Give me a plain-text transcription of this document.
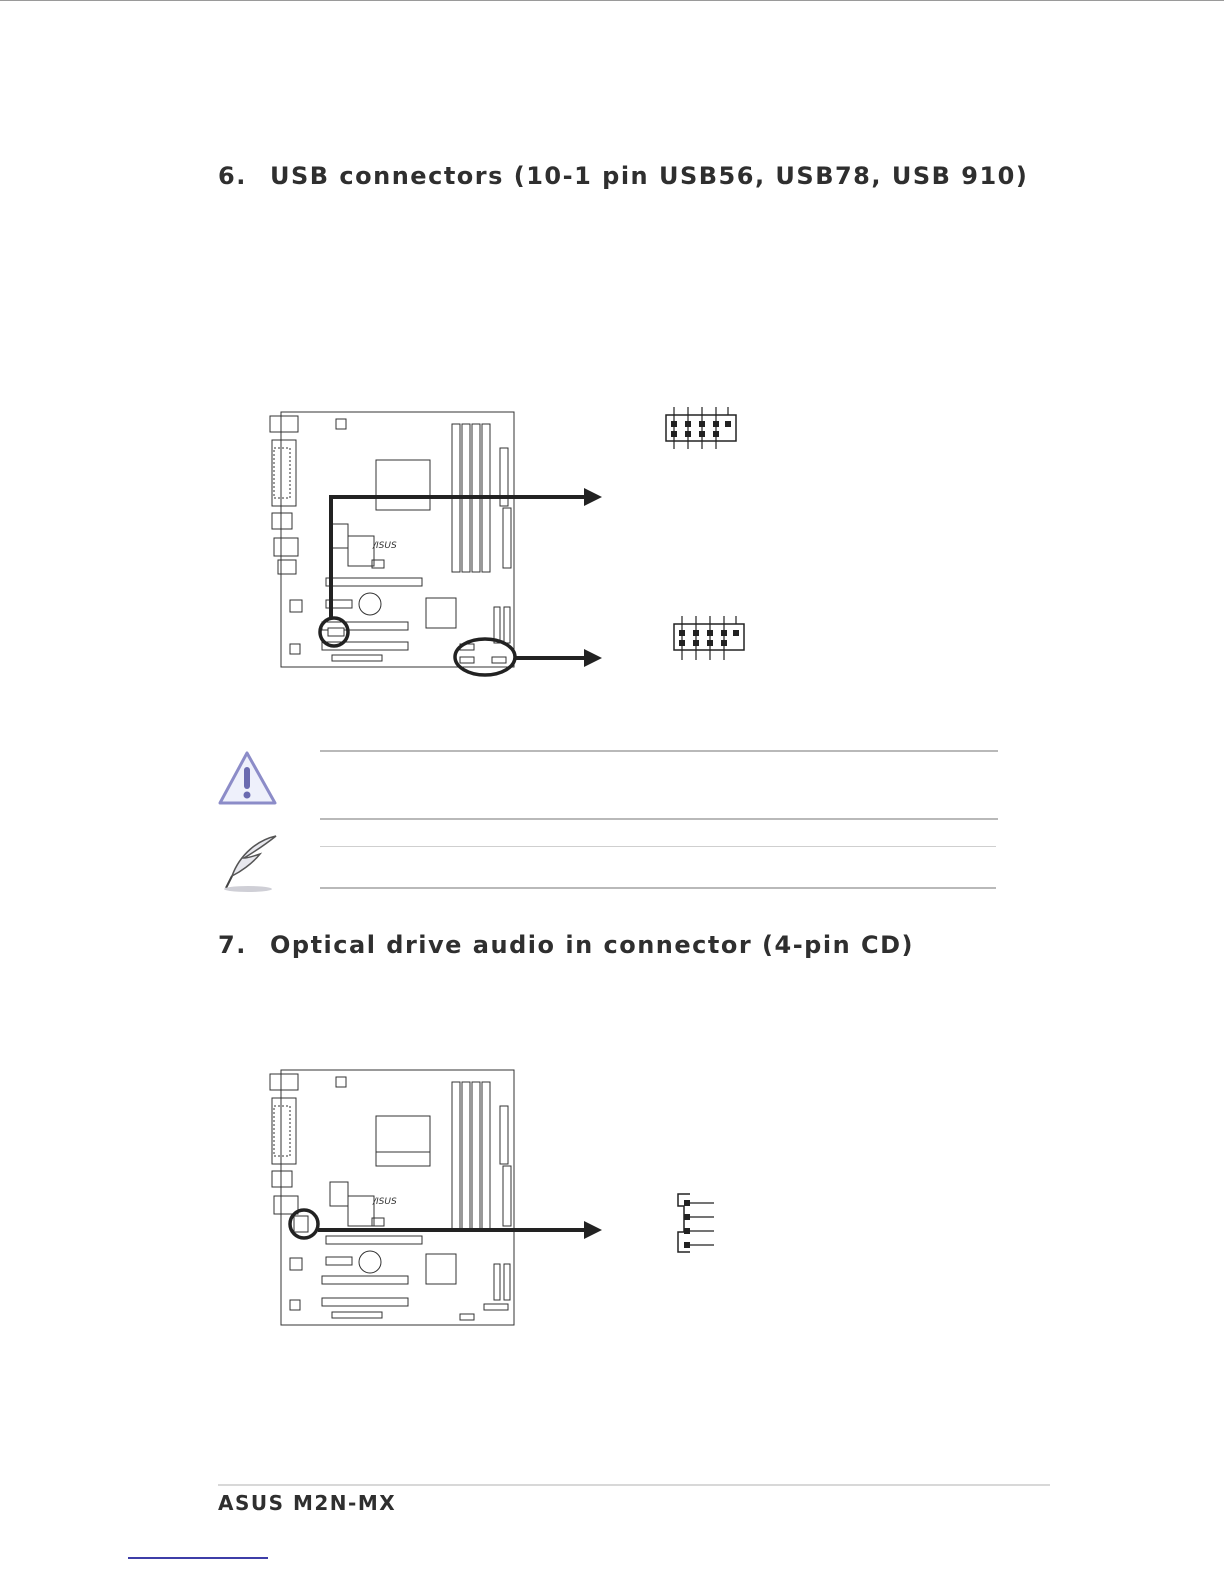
6. USB connectors (10-1 pin USB56, USB78, USB 910)
/ISUS
7. Optical drive audio in connector (4-pin CD)
/ISUS
ASUS M2N-MX
